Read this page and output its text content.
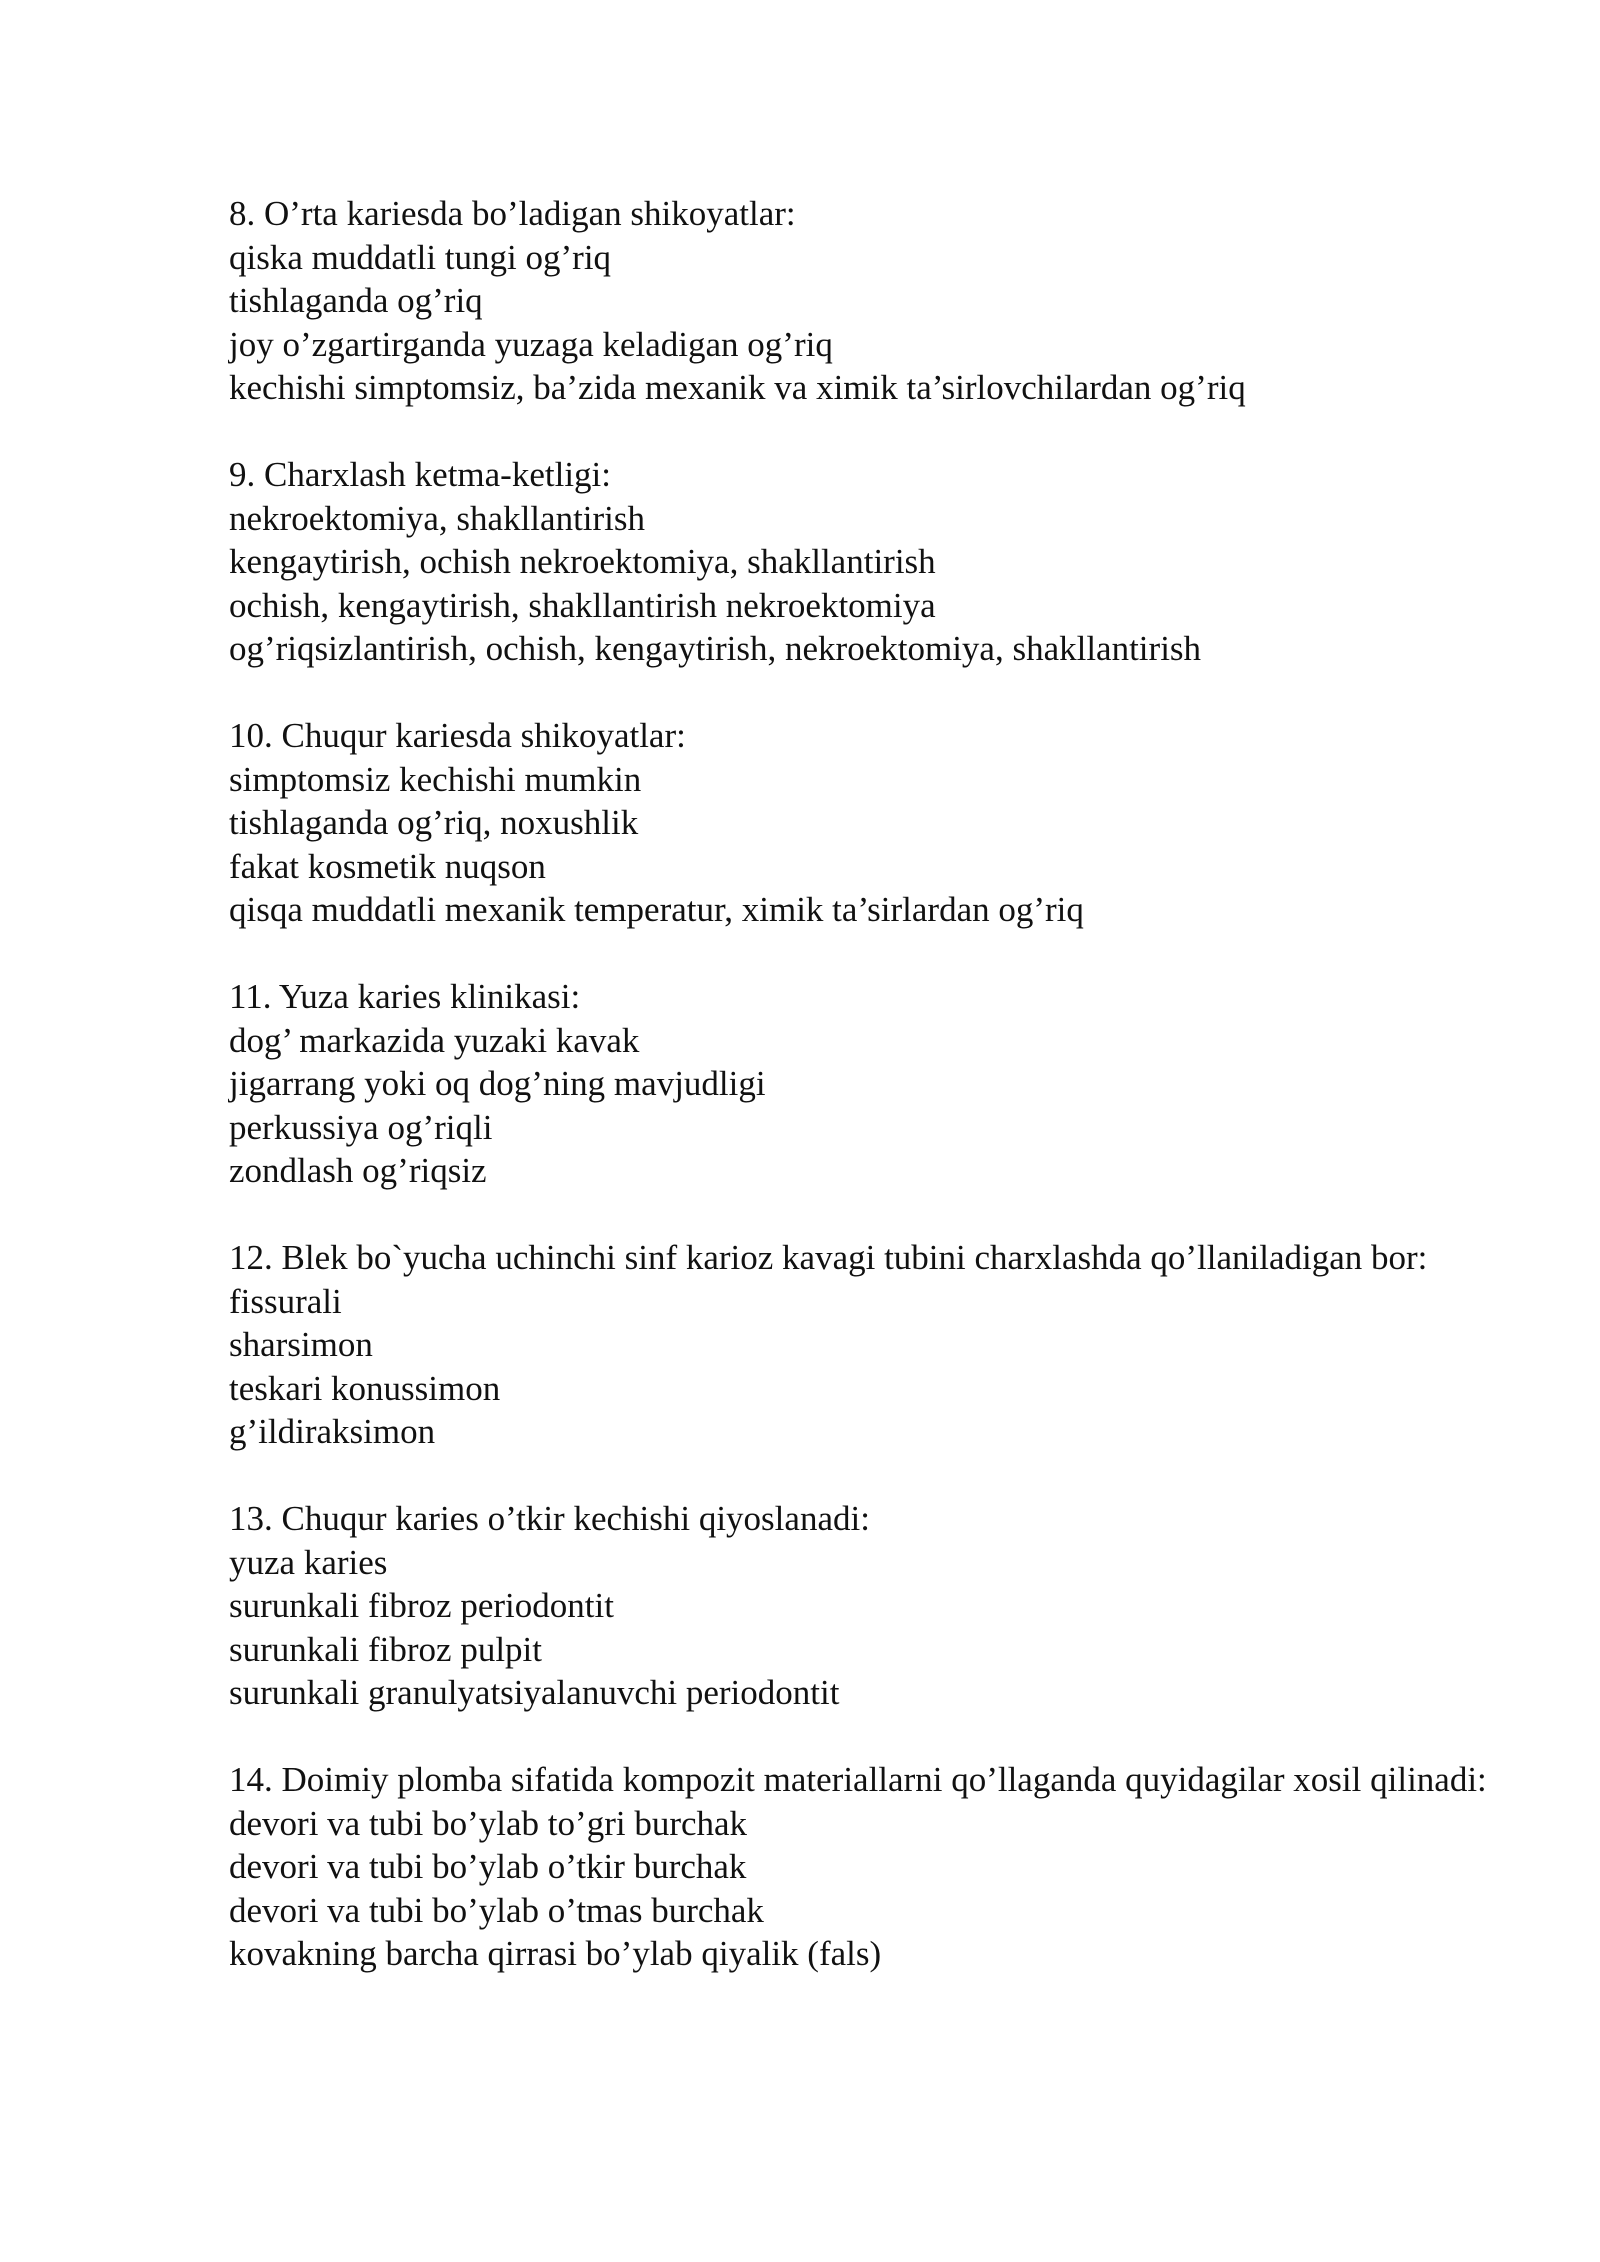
8. O’rta kariesda bo’ladigan shikoyatlar:
qiska muddatli tungi og’riq
tishlaganda og’riq
joy o’zgartirganda yuzaga keladigan og’riq
kechishi simptomsiz, ba’zida mexanik va ximik ta’sirlovchilardan og’riq
9. Charxlash ketma-ketligi:
nekroektomiya, shakllantirish
kengaytirish, ochish nekroektomiya, shakllantirish
ochish, kengaytirish, shakllantirish nekroektomiya
og’riqsizlantirish, ochish, kengaytirish, nekroektomiya, shakllantirish
10. Chuqur kariesda shikoyatlar:
simptomsiz kechishi mumkin
tishlaganda og’riq, noxushlik
fakat kosmetik nuqson
qisqa muddatli mexanik temperatur, ximik ta’sirlardan og’riq
11. Yuza karies klinikasi:
dog’ markazida yuzaki kavak
jigarrang yoki oq dog’ning mavjudligi
perkussiya og’riqli
zondlash og’riqsiz
12. Blek bo`yucha uchinchi sinf karioz kavagi tubini charxlashda qo’llaniladigan bor:
fissurali
sharsimon
teskari konussimon
g’ildiraksimon
13. Chuqur karies o’tkir kechishi qiyoslanadi:
yuza karies
surunkali fibroz periodontit
surunkali fibroz pulpit
surunkali granulyatsiyalanuvchi periodontit
14. Doimiy plomba sifatida kompozit materiallarni qo’llaganda quyidagilar xosil qilinadi:
devori va tubi bo’ylab to’gri burchak
devori va tubi bo’ylab o’tkir burchak
devori va tubi bo’ylab o’tmas burchak
kovakning barcha qirrasi bo’ylab qiyalik (fals)
